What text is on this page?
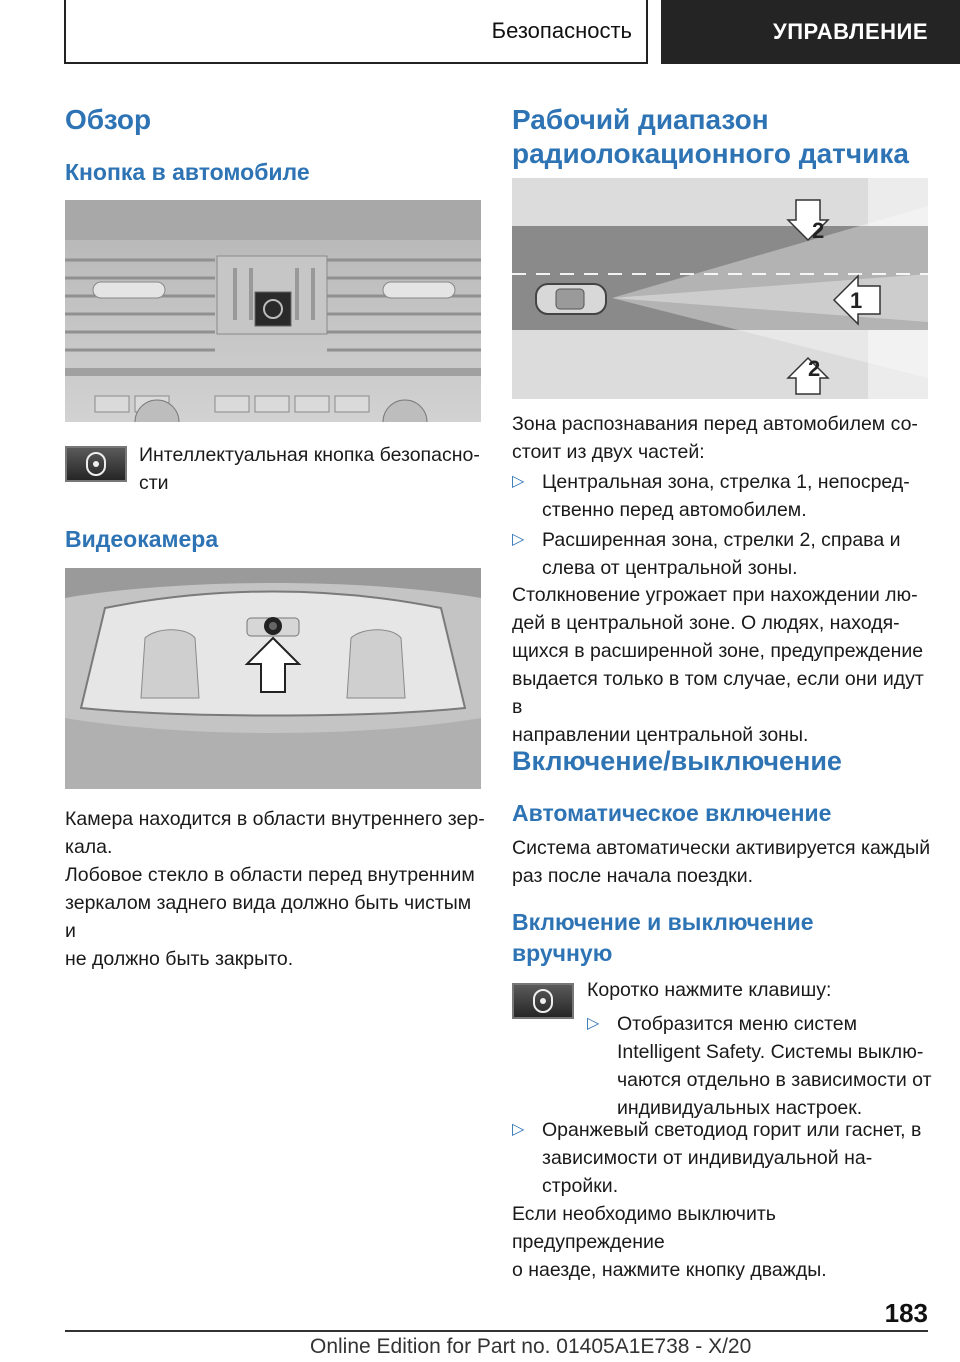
Безопасность	УПРАВЛЕНИЕ
Обзор
Кнопка в автомобиле
Интеллектуальная кнопка безопасно-
сти
Видеокамера
Камера находится в области внутреннего зер-
кала.
Лобовое стекло в области перед внутренним
зеркалом заднего вида должно быть чистым и
не должно быть закрыто.
Рабочий диапазон
радиолокационного датчика
2
1
2
Зона распознавания перед автомобилем со-
стоит из двух частей:
▷ Центральная зона, стрелка 1, непосред-
ственно перед автомобилем.
▷ Расширенная зона, стрелки 2, справа и
слева от центральной зоны.
Столкновение угрожает при нахождении лю-
дей в центральной зоне. О людях, находя-
щихся в расширенной зоне, предупреждение
выдается только в том случае, если они идут в
направлении центральной зоны.
Включение/выключение
Автоматическое включение
Система автоматически активируется каждый
раз после начала поездки.
Включение и выключение
вручную
Коротко нажмите клавишу:
▷ Отобразится меню систем
Intelligent Safety. Системы выклю-
чаются отдельно в зависимости от
индивидуальных настроек.
▷ Оранжевый светодиод горит или гаснет, в
зависимости от индивидуальной на-
стройки.
Если необходимо выключить предупреждение
о наезде, нажмите кнопку дважды.
183
Online Edition for Part no. 01405A1E738 - X/20
